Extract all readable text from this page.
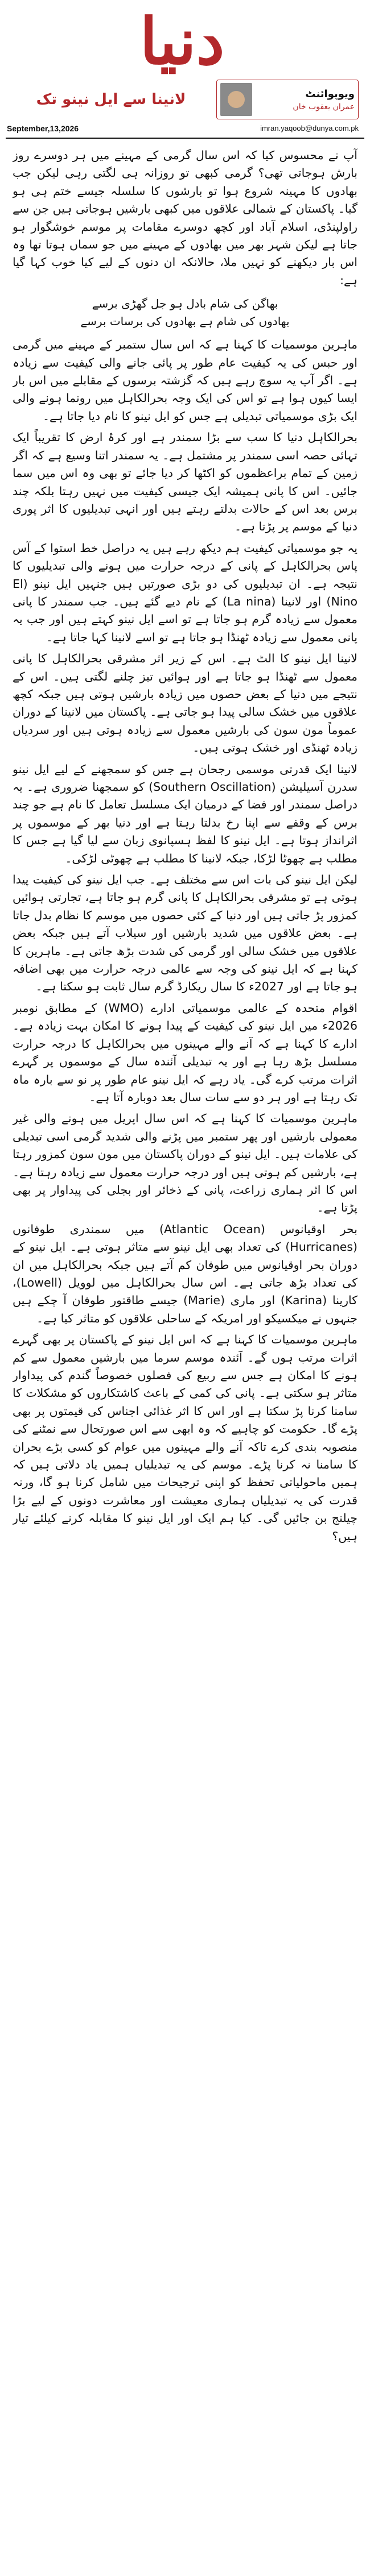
دنیا
لانینا سے ایل نینو تک	ویوپوائنٹ
عمران یعقوب خان
September,13,2026	imran.yaqoob@dunya.com.pk

آپ نے محسوس کیا کہ اس سال گرمی کے مہینے میں ہر دوسرے روز بارش ہوجاتی تھی؟ گرمی کبھی تو روزانہ ہی لگتی رہی لیکن جب بھادوں کا مہینہ شروع ہوا تو بارشوں کا سلسلہ جیسے ختم ہی ہو گیا۔ پاکستان کے شمالی علاقوں میں کبھی بارشیں ہوجاتی ہیں جن سے راولپنڈی، اسلام آباد اور کچھ دوسرے مقامات پر موسم خوشگوار ہو جاتا ہے لیکن شہر بھر میں بھادوں کے مہینے میں جو سماں ہوتا تھا وہ اس بار دیکھنے کو نہیں ملا، حالانکہ ان دنوں کے لیے کیا خوب کہا گیا ہے:

بھاگن کی شام بادل ہو جل گھڑی برسے
بھادوں کی شام ہے بھادوں کی برسات برسے

ماہرین موسمیات کا کہنا ہے کہ اس سال ستمبر کے مہینے میں گرمی اور حبس کی یہ کیفیت عام طور پر پائی جانے والی کیفیت سے زیادہ ہے۔ اگر آپ یہ سوچ رہے ہیں کہ گزشتہ برسوں کے مقابلے میں اس بار ایسا کیوں ہوا ہے تو اس کی ایک وجہ بحرالکاہل میں رونما ہونے والی ایک بڑی موسمیاتی تبدیلی ہے جس کو ایل نینو کا نام دیا جاتا ہے۔

بحرالکاہل دنیا کا سب سے بڑا سمندر ہے اور کرۂ ارض کا تقریباً ایک تہائی حصہ اسی سمندر پر مشتمل ہے۔ یہ سمندر اتنا وسیع ہے کہ اگر زمین کے تمام براعظموں کو اکٹھا کر دیا جائے تو بھی وہ اس میں سما جائیں۔ اس کا پانی ہمیشہ ایک جیسی کیفیت میں نہیں رہتا بلکہ چند برس بعد اس کے حالات بدلتے رہتے ہیں اور انہی تبدیلیوں کا اثر پوری دنیا کے موسم پر پڑتا ہے۔

یہ جو موسمیاتی کیفیت ہم دیکھ رہے ہیں یہ دراصل خط استوا کے آس پاس بحرالکاہل کے پانی کے درجہ حرارت میں ہونے والی تبدیلیوں کا نتیجہ ہے۔ ان تبدیلیوں کی دو بڑی صورتیں ہیں جنہیں ایل نینو (El Nino) اور لانینا (La nina) کے نام دیے گئے ہیں۔ جب سمندر کا پانی معمول سے زیادہ گرم ہو جاتا ہے تو اسے ایل نینو کہتے ہیں اور جب یہ پانی معمول سے زیادہ ٹھنڈا ہو جاتا ہے تو اسے لانینا کہا جاتا ہے۔

لانینا ایل نینو کا الٹ ہے۔ اس کے زیر اثر مشرقی بحرالکاہل کا پانی معمول سے ٹھنڈا ہو جاتا ہے اور ہوائیں تیز چلنے لگتی ہیں۔ اس کے نتیجے میں دنیا کے بعض حصوں میں زیادہ بارشیں ہوتی ہیں جبکہ کچھ علاقوں میں خشک سالی پیدا ہو جاتی ہے۔ پاکستان میں لانینا کے دوران عموماً مون سون کی بارشیں معمول سے زیادہ ہوتی ہیں اور سردیاں زیادہ ٹھنڈی اور خشک ہوتی ہیں۔

لانینا ایک قدرتی موسمی رجحان ہے جس کو سمجھنے کے لیے ایل نینو سدرن آسیلیشن (Southern Oscillation) کو سمجھنا ضروری ہے۔ یہ دراصل سمندر اور فضا کے درمیان ایک مسلسل تعامل کا نام ہے جو چند برس کے وقفے سے اپنا رخ بدلتا رہتا ہے اور دنیا بھر کے موسموں پر اثرانداز ہوتا ہے۔ ایل نینو کا لفظ ہسپانوی زبان سے لیا گیا ہے جس کا مطلب ہے چھوٹا لڑکا، جبکہ لانینا کا مطلب ہے چھوٹی لڑکی۔

لیکن ایل نینو کی بات اس سے مختلف ہے۔ جب ایل نینو کی کیفیت پیدا ہوتی ہے تو مشرقی بحرالکاہل کا پانی گرم ہو جاتا ہے، تجارتی ہوائیں کمزور پڑ جاتی ہیں اور دنیا کے کئی حصوں میں موسم کا نظام بدل جاتا ہے۔ بعض علاقوں میں شدید بارشیں اور سیلاب آتے ہیں جبکہ بعض علاقوں میں خشک سالی اور گرمی کی شدت بڑھ جاتی ہے۔ ماہرین کا کہنا ہے کہ ایل نینو کی وجہ سے عالمی درجہ حرارت میں بھی اضافہ ہو جاتا ہے اور 2027ء کا سال ریکارڈ گرم سال ثابت ہو سکتا ہے۔

اقوام متحدہ کے عالمی موسمیاتی ادارے (WMO) کے مطابق نومبر 2026ء میں ایل نینو کی کیفیت کے پیدا ہونے کا امکان بہت زیادہ ہے۔ ادارے کا کہنا ہے کہ آنے والے مہینوں میں بحرالکاہل کا درجہ حرارت مسلسل بڑھ رہا ہے اور یہ تبدیلی آئندہ سال کے موسموں پر گہرے اثرات مرتب کرے گی۔ یاد رہے کہ ایل نینو عام طور پر نو سے بارہ ماہ تک رہتا ہے اور ہر دو سے سات سال بعد دوبارہ آتا ہے۔

ماہرین موسمیات کا کہنا ہے کہ اس سال اپریل میں ہونے والی غیر معمولی بارشیں اور پھر ستمبر میں پڑنے والی شدید گرمی اسی تبدیلی کی علامات ہیں۔ ایل نینو کے دوران پاکستان میں مون سون کمزور رہتا ہے، بارشیں کم ہوتی ہیں اور درجہ حرارت معمول سے زیادہ رہتا ہے۔ اس کا اثر ہماری زراعت، پانی کے ذخائر اور بجلی کی پیداوار پر بھی پڑتا ہے۔

بحر اوقیانوس (Atlantic Ocean) میں سمندری طوفانوں (Hurricanes) کی تعداد بھی ایل نینو سے متاثر ہوتی ہے۔ ایل نینو کے دوران بحر اوقیانوس میں طوفان کم آتے ہیں جبکہ بحرالکاہل میں ان کی تعداد بڑھ جاتی ہے۔ اس سال بحرالکاہل میں لوویل (Lowell)، کارینا (Karina) اور ماری (Marie) جیسے طاقتور طوفان آ چکے ہیں جنہوں نے میکسیکو اور امریکہ کے ساحلی علاقوں کو متاثر کیا ہے۔

ماہرین موسمیات کا کہنا ہے کہ اس ایل نینو کے پاکستان پر بھی گہرے اثرات مرتب ہوں گے۔ آئندہ موسم سرما میں بارشیں معمول سے کم ہونے کا امکان ہے جس سے ربیع کی فصلوں خصوصاً گندم کی پیداوار متاثر ہو سکتی ہے۔ پانی کی کمی کے باعث کاشتکاروں کو مشکلات کا سامنا کرنا پڑ سکتا ہے اور اس کا اثر غذائی اجناس کی قیمتوں پر بھی پڑے گا۔ حکومت کو چاہیے کہ وہ ابھی سے اس صورتحال سے نمٹنے کی منصوبہ بندی کرے تاکہ آنے والے مہینوں میں عوام کو کسی بڑے بحران کا سامنا نہ کرنا پڑے۔ موسم کی یہ تبدیلیاں ہمیں یاد دلاتی ہیں کہ ہمیں ماحولیاتی تحفظ کو اپنی ترجیحات میں شامل کرنا ہو گا، ورنہ قدرت کی یہ تبدیلیاں ہماری معیشت اور معاشرت دونوں کے لیے بڑا چیلنج بن جائیں گی۔ کیا ہم ایک اور ایل نینو کا مقابلہ کرنے کیلئے تیار ہیں؟
